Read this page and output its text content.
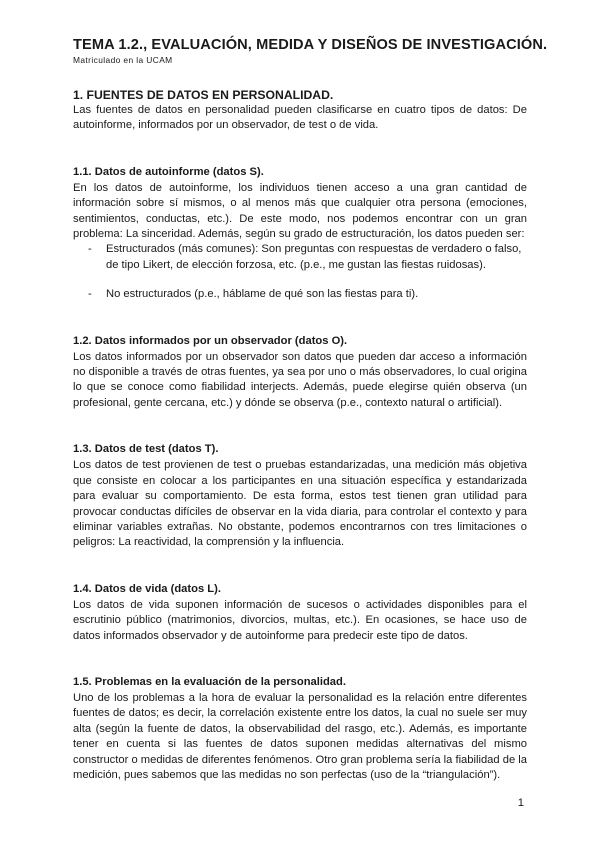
TEMA 1.2., EVALUACIÓN, MEDIDA Y DISEÑOS DE INVESTIGACIÓN.
Matriculado en la UCAM
1. FUENTES DE DATOS EN PERSONALIDAD.

Las fuentes de datos en personalidad pueden clasificarse en cuatro tipos de datos: De autoinforme, informados por un observador, de test o de vida.

1.1. Datos de autoinforme (datos S).

En los datos de autoinforme, los individuos tienen acceso a una gran cantidad de información sobre sí mismos, o al menos más que cualquier otra persona (emociones, sentimientos, conductas, etc.). De este modo, nos podemos encontrar con un gran problema: La sinceridad. Además, según su grado de estructuración, los datos pueden ser:

- Estructurados (más comunes): Son preguntas con respuestas de verdadero o falso, de tipo Likert, de elección forzosa, etc. (p.e., me gustan las fiestas ruidosas).
- No estructurados (p.e., háblame de qué son las fiestas para ti).
1.2. Datos informados por un observador (datos O).

Los datos informados por un observador son datos que pueden dar acceso a información no disponible a través de otras fuentes, ya sea por uno o más observadores, lo cual origina lo que se conoce como fiabilidad interjects. Además, puede elegirse quién observa (un profesional, gente cercana, etc.) y dónde se observa (p.e., contexto natural o artificial).

1.3. Datos de test (datos T).

Los datos de test provienen de test o pruebas estandarizadas, una medición más objetiva que consiste en colocar a los participantes en una situación específica y estandarizada para evaluar su comportamiento. De esta forma, estos test tienen gran utilidad para provocar conductas difíciles de observar en la vida diaria, para controlar el contexto y para eliminar variables extrañas. No obstante, podemos encontrarnos con tres limitaciones o peligros: La reactividad, la comprensión y la influencia.

1.4. Datos de vida (datos L).

Los datos de vida suponen información de sucesos o actividades disponibles para el escrutinio público (matrimonios, divorcios, multas, etc.). En ocasiones, se hace uso de datos informados observador y de autoinforme para predecir este tipo de datos.

1.5. Problemas en la evaluación de la personalidad.

Uno de los problemas a la hora de evaluar la personalidad es la relación entre diferentes fuentes de datos; es decir, la correlación existente entre los datos, la cual no suele ser muy alta (según la fuente de datos, la observabilidad del rasgo, etc.). Además, es importante tener en cuenta si las fuentes de datos suponen medidas alternativas del mismo constructor o medidas de diferentes fenómenos. Otro gran problema sería la fiabilidad de la medición, pues sabemos que las medidas no son perfectas (uso de la “triangulación”).

1
